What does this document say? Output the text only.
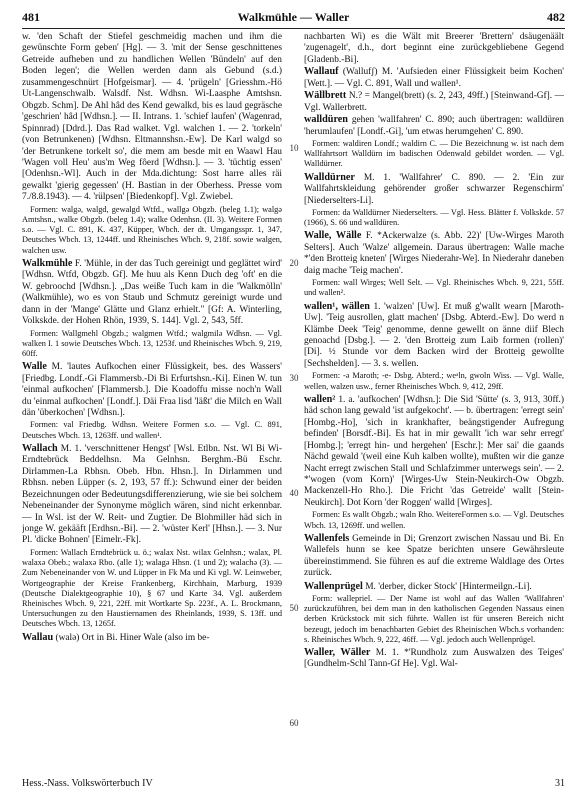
481	Walkmühle — Waller	482

w. 'den Schaft der Stiefel geschmeidig machen und ihm die gewünschte Form geben' [Hg]. — 3. 'mit der Sense geschnittenes Getreide aufheben und zu handlichen Wellen 'Bündeln' auf den Boden legen'; die Wellen werden dann als Gebund (s.d.) zusammengeschnürt [Hofgeismar]. — 4. 'prügeln' [Griesshm.-Hö Ut-Langenschwalb. Walsdf. Nst. Wdhsn. Wi-Laasphe Amtshsn. Obgzb. Schm]. De Ahl hâd des Kend gewalkd, bis es laud gegräsche 'geschrien' hâd [Wdhsn.]. — II. Intrans. 1. 'schief laufen' (Wagenrad, Spinnrad) [Ddrd.]. Das Rad walket. Vgl. walchen 1. — 2. 'torkeln' (von Betrunkenen) [Wdhsn. Eltmannshsn.-Ew]. De Karl walgd so 'der Betrunkene torkelt so', die mem am besde mit en Waawl Hau 'Wagen voll Heu' aus'm Weg fôerd [Wdhsn.]. — 3. 'tüchtig essen' [Odenhsn.-Wl]. Auch in der Mda.dichtung: Sost harre alles räi gewalkt 'gierig gegessen' (H. Bastian in der Oberhess. Presse vom 7./8.8.1943). — 4. 'rülpsen' [Biedenkopf]. Vgl. Zwiebel.

Formen: walgə, walgd, gewalgd Wtfd., wallgə Obgzb. (beleg 1.1); walgə Amtshsn., walke Obgzb. (beleg 1.4); walke Odenhsn. (II. 3). Weitere Formen s.o. — Vgl. C. 891, K. 437, Küpper, Wbch. der dt. Umgangsspr. 1, 347, Deutsches Wbch. 13, 1244ff. und Rheinisches Wbch. 9, 218f. sowie walgen, walchen usw.

Walkmühle F. 'Mühle, in der das Tuch gereinigt und geglättet wird' [Wdhsn. Wtfd, Obgzb. Gf]. Me huu als Kenn Duch deg 'oft' en die W. gebroochd [Wdhsn.]. „Das weiße Tuch kam in die 'Walkmölln' (Walkmühle), wo es von Staub und Schmutz gereinigt wurde und dann in der 'Mange' Glätte und Glanz erhielt." [Gf: A. Winterling, Volkskde. der Hohen Rhön, 1939, S. 144]. Vgl. 2, 543, 5ff.

Formen: Wallgmehl Obgzb.; walgmen Wtfd.; walgmilə Wdhsn. — Vgl. walken I. 1 sowie Deutsches Wbch. 13, 1253f. und Rheinisches Wbch. 9, 219, 60ff.

Walle M. 'lautes Aufkochen einer Flüssigkeit, bes. des Wassers' [Friedbg. Londf.-Gi Flammersb.-Di Bi Erfurtshsn.-Ki]. Einen W. tun 'einmal aufkochen' [Flammersb.]. Die Koadoffu misse noch'n Wall du 'einmal aufkochen' [Londf.]. Däi Fraa lisd 'läßt' die Milch en Wall dän 'überkochen' [Wdhsn.].

Formen: val Friedbg. Wdhsn. Weitere Formen s.o. — Vgl. C. 891, Deutsches Wbch. 13, 1263ff. und wallen¹.

Wallach M. 1. 'verschnittener Hengst' [Wsl. Etlbn. Nst. Wl Bi Wi-Erndtebrück Beddelhsn. Ma Gelnhsn. Berghm.-Bü Eschr. Dirlammen-La Rbhsn. Obeb. Hbn. Hhsn.]. In Dirlammen und Rbhsn. neben Lüpper (s. 2, 193, 57 ff.): Schwund einer der beiden Bezeichnungen oder Bedeutungsdifferenzierung, wie sie bei solchem Nebeneinander der Synonyme möglich wären, sind nicht erkennbar. — In Wsl. ist der W. Reit- und Zugtier. De Blohmiller häd sich in jonge W. gekääft [Erdhsn.-Bi]. — 2. 'wüster Kerl' [Hhsn.]. — 3. Nur Pl. 'dicke Bohnen' [Eimelr.-Fk].

Formen: Wallach Erndtebrück u. ö.; walax Nst. wilax Gelnhsn.; walax, Pl. walaxə Obeb.; walaxə Rbo. (alle 1); walagə Hhsn. (1 und 2); walachə (3). — Zum Nebeneinander von W. und Lüpper in Fk Ma und Ki vgl. W. Leinweber, Wortgeographie der Kreise Frankenberg, Kirchhain, Marburg, 1939 (Deutsche Dialektgeographie 10), § 67 und Karte 34. Vgl. außerdem Rheinisches Wbch. 9, 221, 22ff. mit Wortkarte Sp. 223f., A. L. Brockmann, Untersuchungen zu den Haustiernamen des Rheinlands, 1939, S. 13ff. und Deutsches Wbch. 13, 1265f.

Wallau (walə) Ort in Bi. Hiner Wale (also im be-

10
20
30
40
50
60

nachbarten Wi) es die Wält mit Breerer 'Brettern' dsäugenäält 'zugenagelt', d.h., dort beginnt eine zurückgebliebene Gegend [Gladenb.-Bi].

Wallauf (Wallufʃ) M. 'Aufsieden einer Flüssigkeit beim Kochen' [Wett.]. — Vgl. C. 891, Wall und wallen¹.

Wällbrett N.? = Mangel(brett) (s. 2, 243, 49ff.) [Steinwand-Gf]. — Vgl. Wallerbrett.

walldüren gehen 'wallfahren' C. 890; auch übertragen: walldüren 'herumlaufen' [Londf.-Gi], 'um etwas herumgehen' C. 890.

Formen: waldiren Londf.; waldirn C. — Die Bezeichnung w. ist nach dem Wallfahrtsort Walldürn im badischen Odenwald gebildet worden. — Vgl. Walldürner.

Walldürner M. 1. 'Wallfahrer' C. 890. — 2. 'Ein zur Wallfahrtskleidung gehörender großer schwarzer Regenschirm' [Niederselters-Li].

Formen: da Walldürner Niederselters. — Vgl. Hess. Blätter f. Volkskde. 57 (1966), S. 66 und walldüren.

Walle, Wälle F. *Ackerwalze (s. Abb. 22)' [Uw-Wirges Maroth Selters]. Auch 'Walze' allgemein. Daraus übertragen: Walle mache *'den Brotteig kneten' [Wirges Niederahr-We]. In Niederahr daneben daig mache 'Teig machen'.

Formen: wall Wirges; Well Selt. — Vgl. Rheinisches Wbch. 9, 221, 55ff. und wallen².

wallen¹, wällen 1. 'walzen' [Uw]. Et muß g'wallt wearn [Maroth-Uw]. 'Teig ausrollen, glatt machen' [Dsbg. Abterd.-Ew]. Do werd n Klämbe Deek 'Teig' genomme, denne gewellt on änne diif Blech genoachd [Dsbg.]. — 2. 'den Brotteig zum Laib formen (rollen)' [Di]. ½ Stunde vor dem Backen wird der Brotteig gewollte [Sechshelden]. — 3. s. wellen.

Formen: -ə Maroth; -e- Dsbg. Abterd.; weᵃln, gwoln Wiss. — Vgl. Walle, wellen, walzen usw., ferner Rheinisches Wbch. 9, 412, 29ff.

wallen² 1. a. 'aufkochen' [Wdhsn.]: Die Sid 'Sütte' (s. 3, 913, 30ff.) häd schon lang gewald 'ist aufgekocht'. — b. übertragen: 'erregt sein' [Hombg.-Ho], 'sich in krankhafter, beängstigender Aufregung befinden' [Borsdf.-Bi]. Es hat in mir gewallt 'ich war sehr erregt' [Hombg.]; 'erregt hin- und hergehen' [Eschr.]: Mer sai' die gaands Nächd gewald '(weil eine Kuh kalben wollte), mußten wir die ganze Nacht erregt zwischen Stall und Schlafzimmer unterwegs sein'. — 2. *'wogen (vom Korn)' [Wirges-Uw Stein-Neukirch-Ow Obgzb. Mackenzell-Ho Rho.]. Die Fricht 'das Getreide' wallt [Stein-Neukirch]. Dot Korn 'der Roggen' walld [Wirges].

Formen: Es wallt Obgzb.; waln Rho. WeitereFormen s.o. — Vgl. Deutsches Wbch. 13, 1269ff. und wellen.

Wallenfels Gemeinde in Di; Grenzort zwischen Nassau und Bi. En Wallefels hunn se kee Spatze berichten unsere Gewährsleute übereinstimmend. Sie führen es auf die extreme Waldlage des Ortes zurück.

Wallenprügel M. 'derber, dicker Stock' [Hintermeilgn.-Li].

Form: wallepriel. — Der Name ist wohl auf das Wallen 'Wallfahren' zurückzuführen, bei dem man in den katholischen Gegenden Nassaus einen derben Krückstock mit sich führte. Wallen ist für unseren Bereich nicht bezeugt, jedoch im benachbarten Gebiet des Rheinischen Wbch.s vorhanden: s. Rheinisches Wbch. 9, 222, 46ff. — Vgl. jedoch auch Wellenprügel.

Waller, Wäller M. 1. *'Rundholz zum Auswalzen des Teiges' [Gundhelm-Schl Tann-Gf He]. Vgl. Wal-

Hess.-Nass. Volkswörterbuch IV	31
